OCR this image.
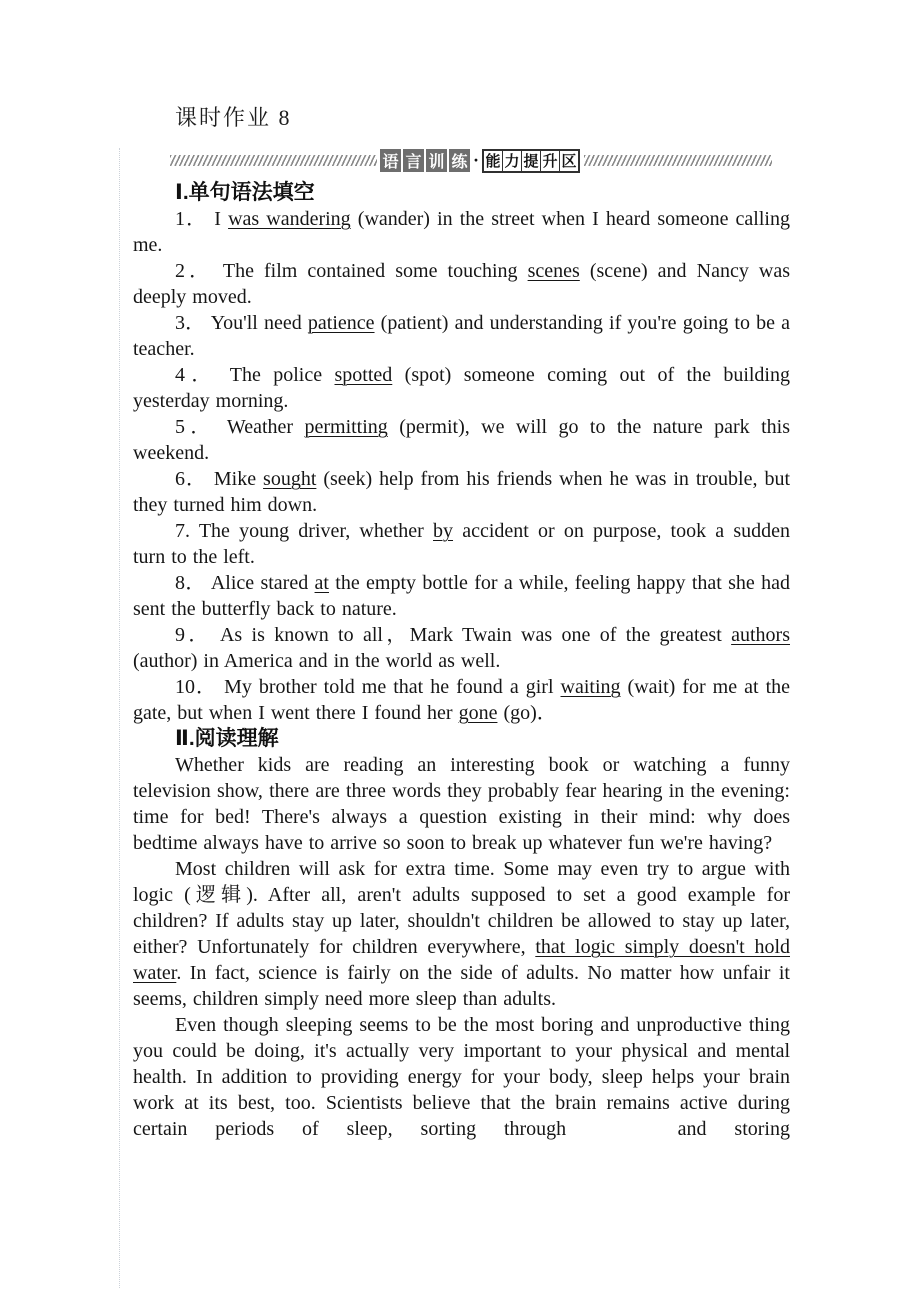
课时作业 8
语 言 训 练 · 能 力 提 升 区
Ⅰ.单句语法填空

1． I was wandering (wander) in the street when I heard someone calling me.

2． The film contained some touching scenes (scene) and Nancy was deeply moved.

3． You'll need patience (patient) and understanding if you're going to be a teacher.

4． The police spotted (spot) someone coming out of the building yesterday morning.

5． Weather permitting (permit), we will go to the nature park this weekend.

6． Mike sought (seek) help from his friends when he was in trouble, but they turned him down.

7. The young driver, whether by accident or on purpose, took a sudden turn to the left.

8． Alice stared at the empty bottle for a while, feeling happy that she had sent the butterfly back to nature.

9． As is known to all，Mark Twain was one of the greatest authors (author) in America and in the world as well.

10． My brother told me that he found a girl waiting (wait) for me at the gate, but when I went there I found her gone (go)．

Ⅱ.阅读理解

Whether kids are reading an interesting book or watching a funny television show, there are three words they probably fear hearing in the evening: time for bed! There's always a question existing in their mind: why does bedtime always have to arrive so soon to break up whatever fun we're having?

Most children will ask for extra time. Some may even try to argue with logic (逻辑). After all, aren't adults supposed to set a good example for children? If adults stay up later, shouldn't children be allowed to stay up later, either? Unfortunately for children everywhere, that logic simply doesn't hold water. In fact, science is fairly on the side of adults. No matter how unfair it seems, children simply need more sleep than adults.

Even though sleeping seems to be the most boring and unproductive thing you could be doing, it's actually very important to your physical and mental health. In addition to providing energy for your body, sleep helps your brain work at its best, too. Scientists believe that the brain remains active during certain periods of sleep, sorting through    and storing
